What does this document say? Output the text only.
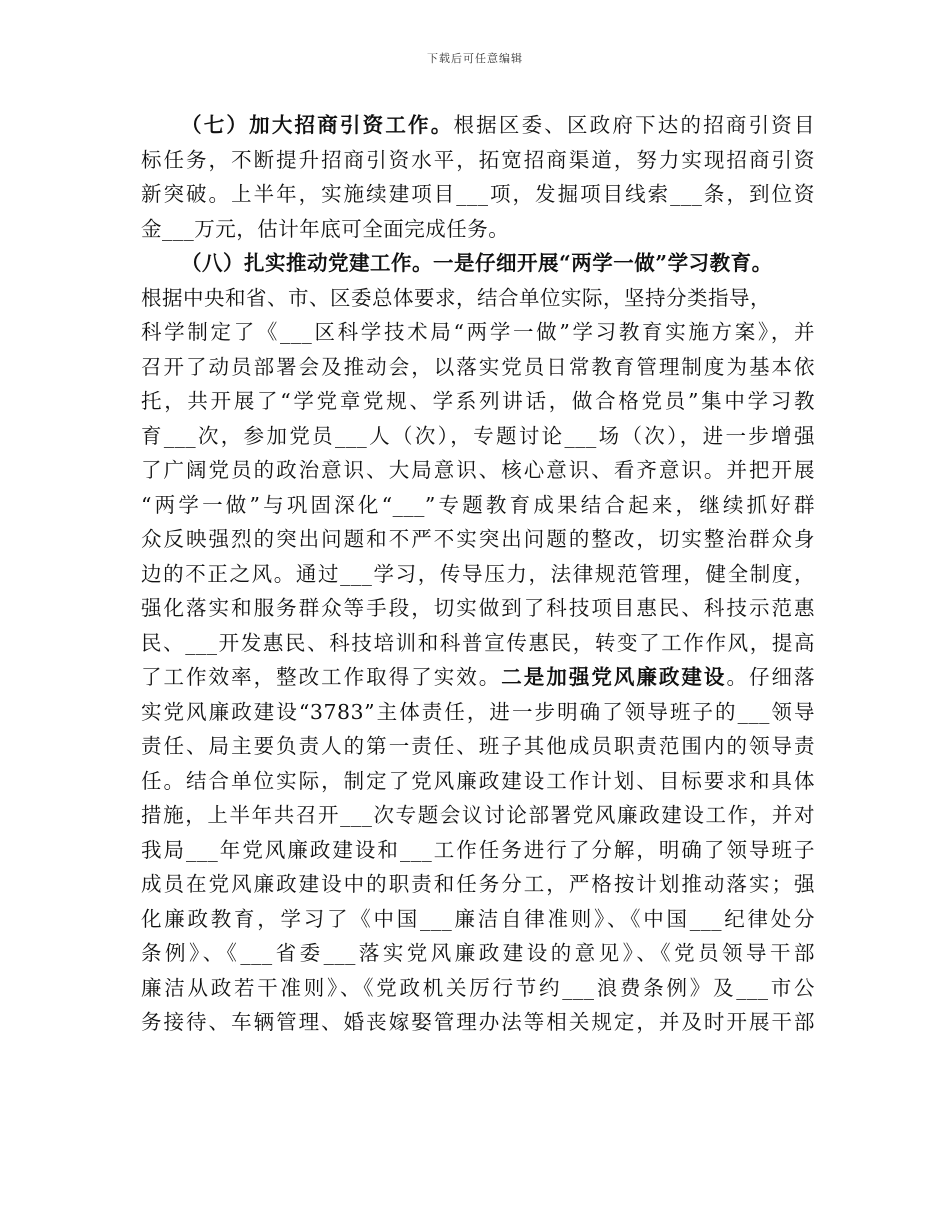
下载后可任意编辑
（七）加大招商引资工作。根据区委、区政府下达的招商引资目
标任务，不断提升招商引资水平，拓宽招商渠道，努力实现招商引资
新突破。上半年，实施续建项目___项，发掘项目线索___条，到位资
金___万元，估计年底可全面完成任务。
（八）扎实推动党建工作。一是仔细开展“两学一做”学习教育。
根据中央和省、市、区委总体要求，结合单位实际，坚持分类指导，
科学制定了《___区科学技术局“两学一做”学习教育实施方案》，并
召开了动员部署会及推动会，以落实党员日常教育管理制度为基本依
托，共开展了“学党章党规、学系列讲话，做合格党员”集中学习教
育___次，参加党员___人（次），专题讨论___场（次），进一步增强
了广阔党员的政治意识、大局意识、核心意识、看齐意识。并把开展
“两学一做”与巩固深化“___”专题教育成果结合起来，继续抓好群
众反映强烈的突出问题和不严不实突出问题的整改，切实整治群众身
边的不正之风。通过___学习，传导压力，法律规范管理，健全制度，
强化落实和服务群众等手段，切实做到了科技项目惠民、科技示范惠
民、___开发惠民、科技培训和科普宣传惠民，转变了工作作风，提高
了工作效率，整改工作取得了实效。二是加强党风廉政建设。仔细落
实党风廉政建设“3783”主体责任，进一步明确了领导班子的___领导
责任、局主要负责人的第一责任、班子其他成员职责范围内的领导责
任。结合单位实际，制定了党风廉政建设工作计划、目标要求和具体
措施，上半年共召开___次专题会议讨论部署党风廉政建设工作，并对
我局___年党风廉政建设和___工作任务进行了分解，明确了领导班子
成员在党风廉政建设中的职责和任务分工，严格按计划推动落实；强
化廉政教育，学习了《中国___廉洁自律准则》、《中国___纪律处分
条例》、《___省委___落实党风廉政建设的意见》、《党员领导干部
廉洁从政若干准则》、《党政机关厉行节约___浪费条例》及___市公
务接待、车辆管理、婚丧嫁娶管理办法等相关规定，并及时开展干部
